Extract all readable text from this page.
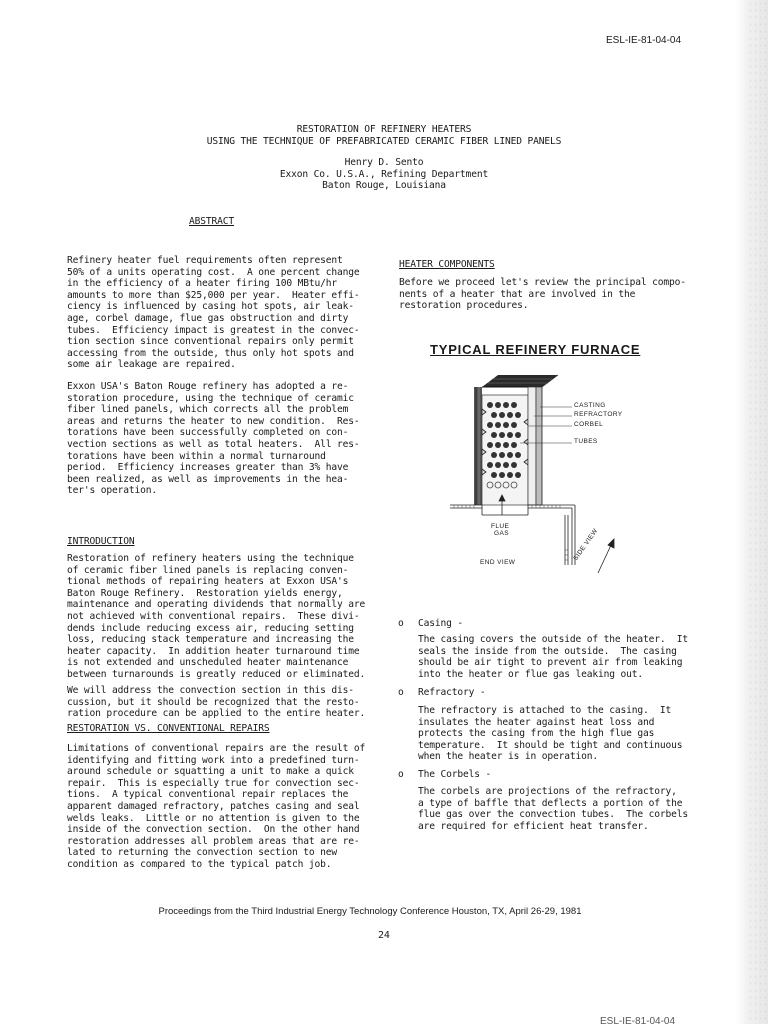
ESL-IE-81-04-04
RESTORATION OF REFINERY HEATERS
USING THE TECHNIQUE OF PREFABRICATED CERAMIC FIBER LINED PANELS
Henry D. Sento
Exxon Co. U.S.A., Refining Department
Baton Rouge, Louisiana
ABSTRACT
Refinery heater fuel requirements often represent
50% of a units operating cost.  A one percent change
in the efficiency of a heater firing 100 MBtu/hr
amounts to more than $25,000 per year.  Heater effi-
ciency is influenced by casing hot spots, air leak-
age, corbel damage, flue gas obstruction and dirty
tubes.  Efficiency impact is greatest in the convec-
tion section since conventional repairs only permit
accessing from the outside, thus only hot spots and
some air leakage are repaired.
Exxon USA's Baton Rouge refinery has adopted a re-
storation procedure, using the technique of ceramic
fiber lined panels, which corrects all the problem
areas and returns the heater to new condition.  Res-
torations have been successfully completed on con-
vection sections as well as total heaters.  All res-
torations have been within a normal turnaround
period.  Efficiency increases greater than 3% have
been realized, as well as improvements in the hea-
ter's operation.
INTRODUCTION
Restoration of refinery heaters using the technique
of ceramic fiber lined panels is replacing conven-
tional methods of repairing heaters at Exxon USA's
Baton Rouge Refinery.  Restoration yields energy,
maintenance and operating dividends that normally are
not achieved with conventional repairs.  These divi-
dends include reducing excess air, reducing setting
loss, reducing stack temperature and increasing the
heater capacity.  In addition heater turnaround time
is not extended and unscheduled heater maintenance
between turnarounds is greatly reduced or eliminated.
We will address the convection section in this dis-
cussion, but it should be recognized that the resto-
ration procedure can be applied to the entire heater.
RESTORATION VS. CONVENTIONAL REPAIRS
Limitations of conventional repairs are the result of
identifying and fitting work into a predefined turn-
around schedule or squatting a unit to make a quick
repair.  This is especially true for convection sec-
tions.  A typical conventional repair replaces the
apparent damaged refractory, patches casing and seal
welds leaks.  Little or no attention is given to the
inside of the convection section.  On the other hand
restoration addresses all problem areas that are re-
lated to returning the convection section to new
condition as compared to the typical patch job.
HEATER COMPONENTS
Before we proceed let's review the principal compo-
nents of a heater that are involved in the
restoration procedures.
TYPICAL REFINERY FURNACE
CASTING
REFRACTORY
CORBEL
TUBES
FLUE
GAS
END VIEW
SIDE VIEW
o Casing -
The casing covers the outside of the heater.  It
seals the inside from the outside.  The casing
should be air tight to prevent air from leaking
into the heater or flue gas leaking out.
o Refractory -
The refractory is attached to the casing.  It
insulates the heater against heat loss and
protects the casing from the high flue gas
temperature.  It should be tight and continuous
when the heater is in operation.
o The Corbels -
The corbels are projections of the refractory,
a type of baffle that deflects a portion of the
flue gas over the convection tubes.  The corbels
are required for efficient heat transfer.
Proceedings from the Third Industrial Energy Technology Conference Houston, TX, April 26-29, 1981
24
ESL-IE-81-04-04
